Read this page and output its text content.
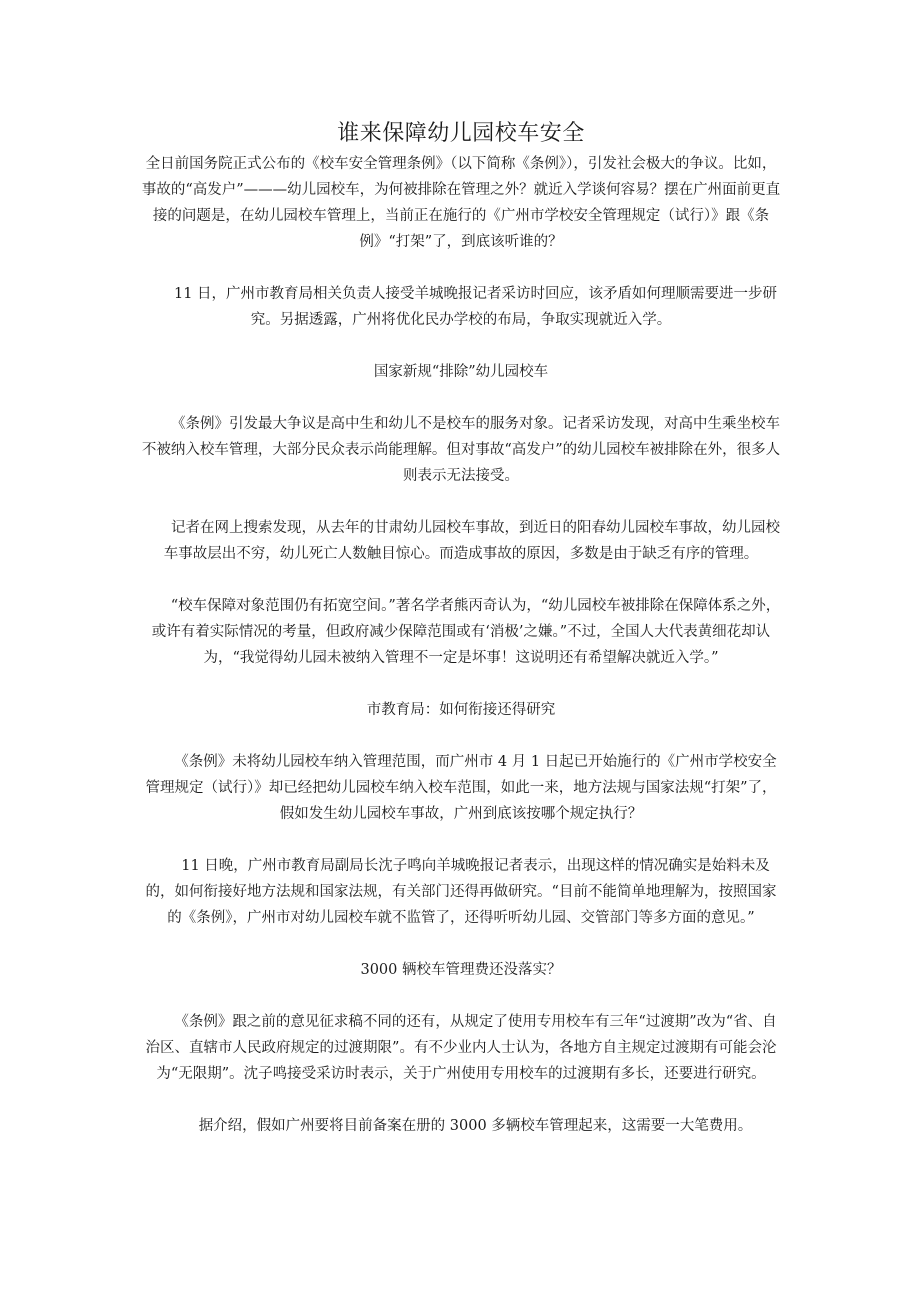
谁来保障幼儿园校车安全

全日前国务院正式公布的《校车安全管理条例》（以下简称《条例》），引发社会极大的争议。比如，事故的“高发户”———幼儿园校车，为何被排除在管理之外？就近入学谈何容易？摆在广州面前更直接的问题是，在幼儿园校车管理上，当前正在施行的《广州市学校安全管理规定（试行）》跟《条例》“打架”了，到底该听谁的？

11 日，广州市教育局相关负责人接受羊城晚报记者采访时回应，该矛盾如何理顺需要进一步研究。另据透露，广州将优化民办学校的布局，争取实现就近入学。

国家新规“排除”幼儿园校车

《条例》引发最大争议是高中生和幼儿不是校车的服务对象。记者采访发现，对高中生乘坐校车不被纳入校车管理，大部分民众表示尚能理解。但对事故“高发户”的幼儿园校车被排除在外，很多人则表示无法接受。

记者在网上搜索发现，从去年的甘肃幼儿园校车事故，到近日的阳春幼儿园校车事故，幼儿园校车事故层出不穷，幼儿死亡人数触目惊心。而造成事故的原因，多数是由于缺乏有序的管理。

“校车保障对象范围仍有拓宽空间。”著名学者熊丙奇认为，“幼儿园校车被排除在保障体系之外，或许有着实际情况的考量，但政府减少保障范围或有‘消极’之嫌。”不过，全国人大代表黄细花却认为，“我觉得幼儿园未被纳入管理不一定是坏事！这说明还有希望解决就近入学。”

市教育局：如何衔接还得研究

《条例》未将幼儿园校车纳入管理范围，而广州市 4 月 1 日起已开始施行的《广州市学校安全管理规定（试行）》却已经把幼儿园校车纳入校车范围，如此一来，地方法规与国家法规“打架”了，假如发生幼儿园校车事故，广州到底该按哪个规定执行？

11 日晚，广州市教育局副局长沈子鸣向羊城晚报记者表示，出现这样的情况确实是始料未及的，如何衔接好地方法规和国家法规，有关部门还得再做研究。“目前不能简单地理解为，按照国家的《条例》，广州市对幼儿园校车就不监管了，还得听听幼儿园、交管部门等多方面的意见。”

3000 辆校车管理费还没落实？

《条例》跟之前的意见征求稿不同的还有，从规定了使用专用校车有三年“过渡期”改为“省、自治区、直辖市人民政府规定的过渡期限”。有不少业内人士认为，各地方自主规定过渡期有可能会沦为“无限期”。沈子鸣接受采访时表示，关于广州使用专用校车的过渡期有多长，还要进行研究。

据介绍，假如广州要将目前备案在册的 3000 多辆校车管理起来，这需要一大笔费用。
